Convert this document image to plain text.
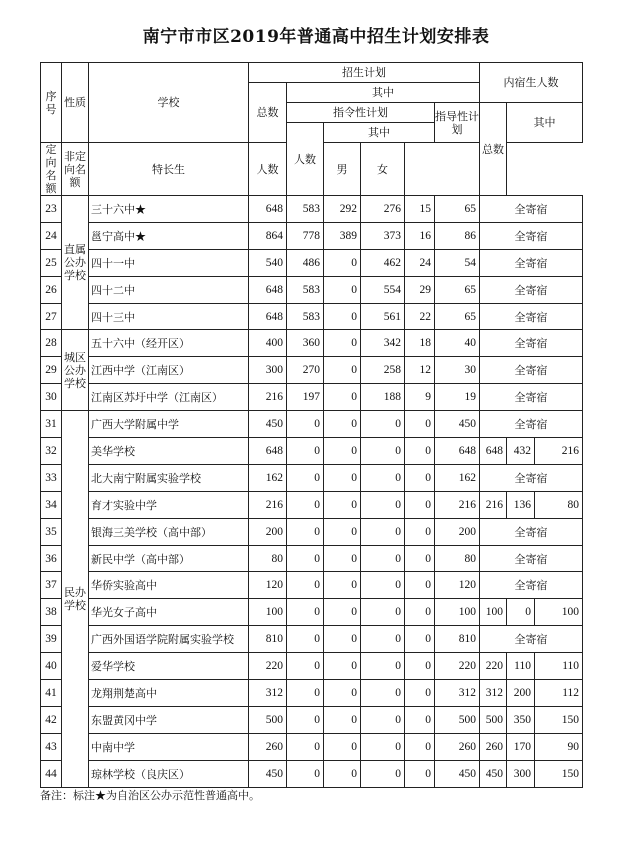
南宁市市区2019年普通高中招生计划安排表
序号	性质	学校	招生计划						内宿生人数		
			总数	其中							
				指令性计划				指导性计划	总数	其中	
				人数	其中						
定向名额	非定向名额	特长生	人数		男	女					
23	直属公办学校	三十六中★	648	583	292	276	15	65	全寄宿		
24		邕宁高中★	864	778	389	373	16	86	全寄宿		
25		四十一中	540	486	0	462	24	54	全寄宿		
26		四十二中	648	583	0	554	29	65	全寄宿		
27		四十三中	648	583	0	561	22	65	全寄宿		
28	城区公办学校	五十六中（经开区）	400	360	0	342	18	40	全寄宿		
29		江西中学（江南区）	300	270	0	258	12	30	全寄宿		
30		江南区苏圩中学（江南区）	216	197	0	188	9	19	全寄宿		
31	民办学校	广西大学附属中学	450	0	0	0	0	450	全寄宿		
32		美华学校	648	0	0	0	0	648	648	432	216
33		北大南宁附属实验学校	162	0	0	0	0	162	全寄宿		
34		育才实验中学	216	0	0	0	0	216	216	136	80
35		银海三美学校（高中部）	200	0	0	0	0	200	全寄宿		
36		新民中学（高中部）	80	0	0	0	0	80	全寄宿		
37		华侨实验高中	120	0	0	0	0	120	全寄宿		
38		华光女子高中	100	0	0	0	0	100	100	0	100
39		广西外国语学院附属实验学校	810	0	0	0	0	810	全寄宿		
40		爱华学校	220	0	0	0	0	220	220	110	110
41		龙翔荆楚高中	312	0	0	0	0	312	312	200	112
42		东盟黄冈中学	500	0	0	0	0	500	500	350	150
43		中南中学	260	0	0	0	0	260	260	170	90
44		琼林学校（良庆区）	450	0	0	0	0	450	450	300	150
备注：标注★为自治区公办示范性普通高中。
